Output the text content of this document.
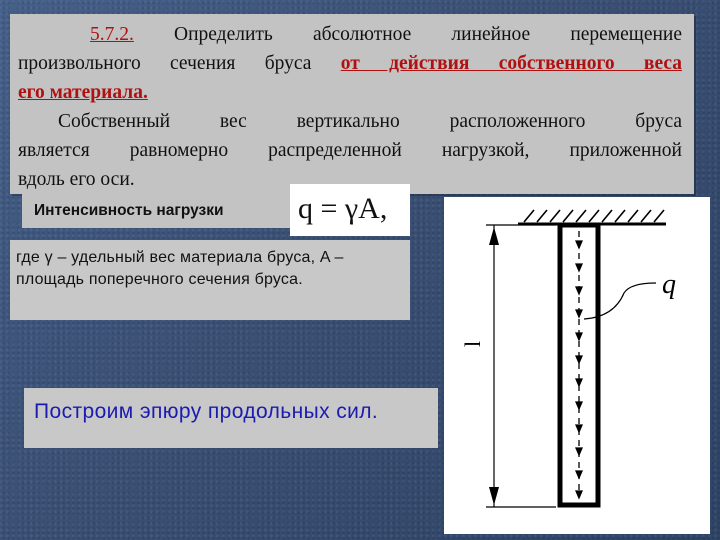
5.7.2. Определить абсолютное линейное перемещение
произвольного сечения бруса от действия собственного веса
его материала.
Собственный вес вертикально расположенного бруса
является равномерно распределенной нагрузкой, приложенной
вдоль его оси.
Интенсивность нагрузки q = γA,
где γ – удельный вес материала бруса, A – площадь поперечного сечения бруса.
Построим эпюру продольных сил.
q
l
